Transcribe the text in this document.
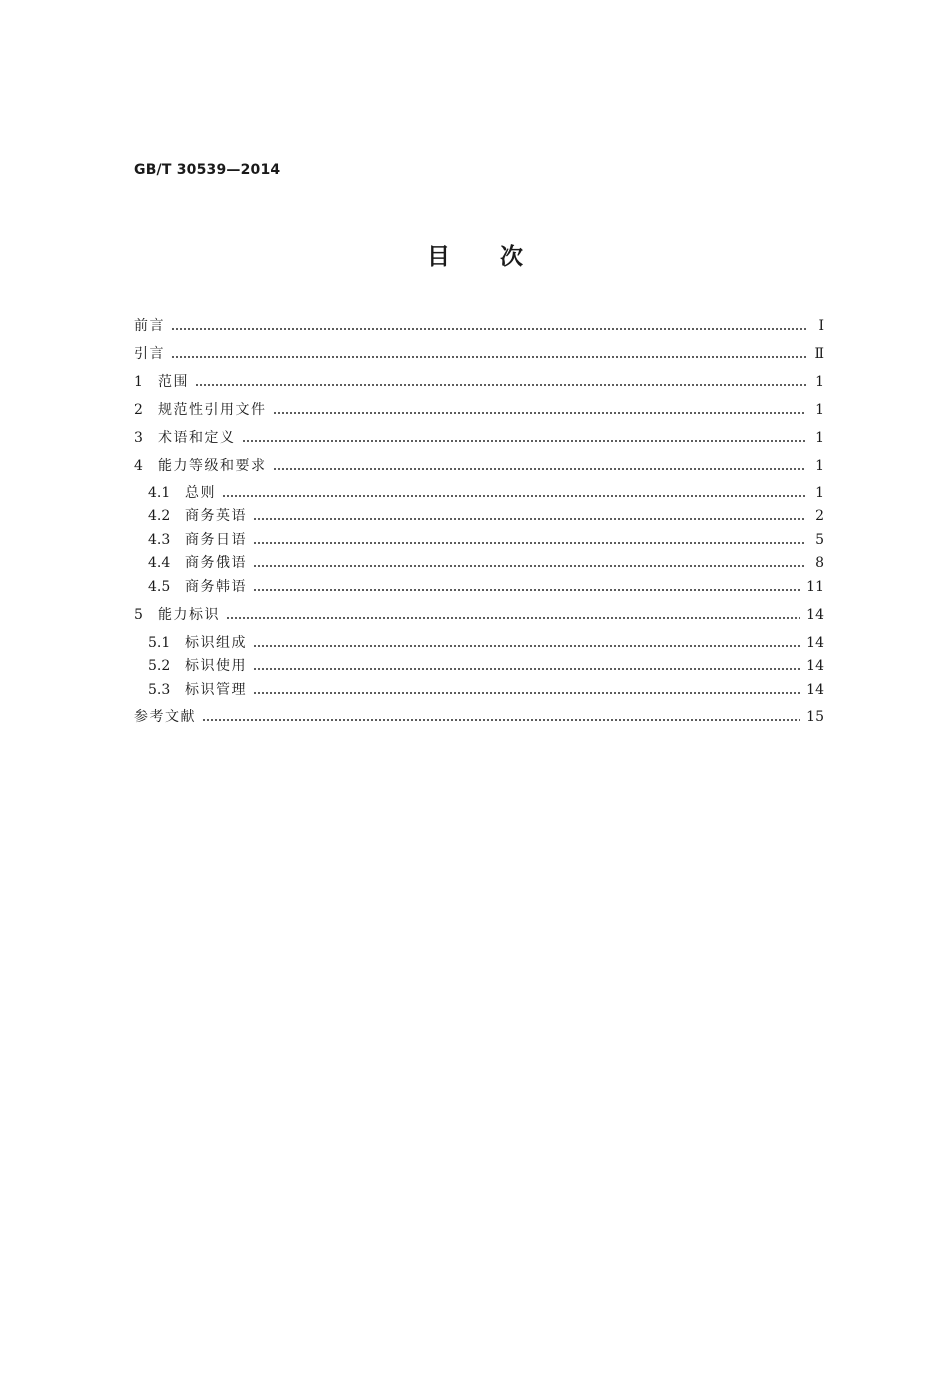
GB/T 30539—2014
目 次
前言	Ⅰ
引言	Ⅱ
1	范围	1
2	规范性引用文件	1
3	术语和定义	1
4	能力等级和要求	1
4.1	总则	1
4.2	商务英语	2
4.3	商务日语	5
4.4	商务俄语	8
4.5	商务韩语	11
5	能力标识	14
5.1	标识组成	14
5.2	标识使用	14
5.3	标识管理	14
参考文献	15
